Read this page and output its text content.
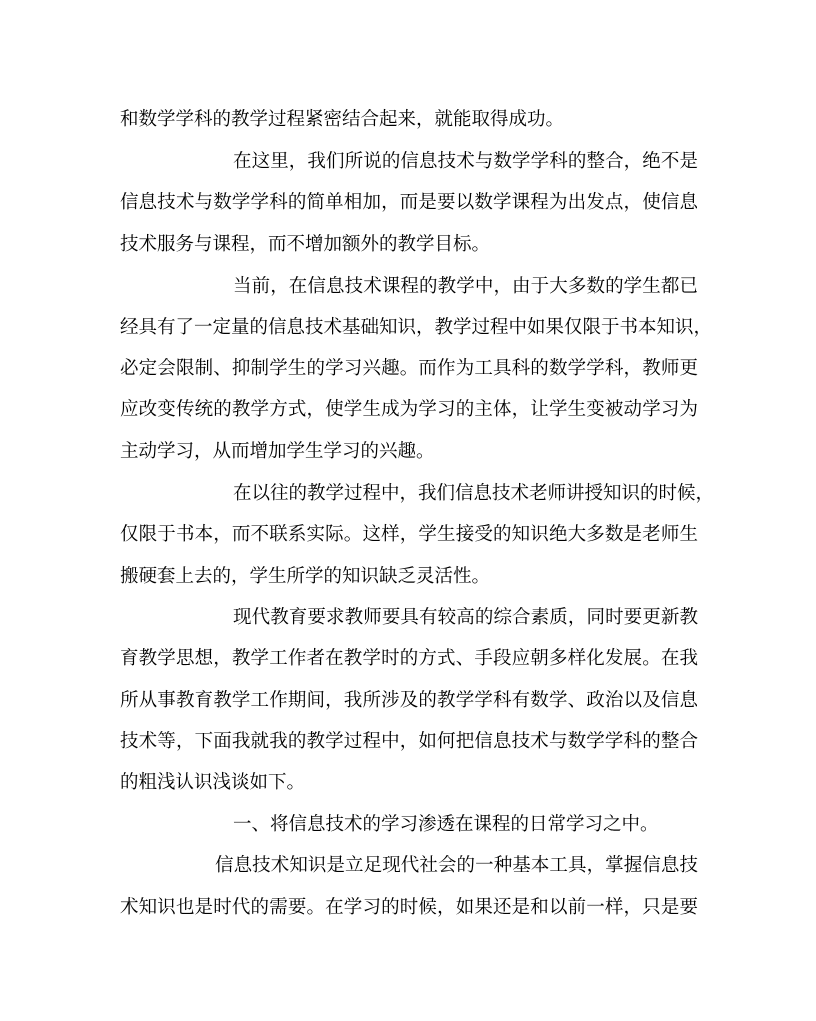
和数学学科的教学过程紧密结合起来，就能取得成功。
在这里，我们所说的信息技术与数学学科的整合，绝不是
信息技术与数学学科的简单相加，而是要以数学课程为出发点，使信息
技术服务与课程，而不增加额外的教学目标。
当前，在信息技术课程的教学中，由于大多数的学生都已
经具有了一定量的信息技术基础知识，教学过程中如果仅限于书本知识，
必定会限制、抑制学生的学习兴趣。而作为工具科的数学学科，教师更
应改变传统的教学方式，使学生成为学习的主体，让学生变被动学习为
主动学习，从而增加学生学习的兴趣。
在以往的教学过程中，我们信息技术老师讲授知识的时候，
仅限于书本，而不联系实际。这样，学生接受的知识绝大多数是老师生
搬硬套上去的，学生所学的知识缺乏灵活性。
现代教育要求教师要具有较高的综合素质，同时要更新教
育教学思想，教学工作者在教学时的方式、手段应朝多样化发展。在我
所从事教育教学工作期间，我所涉及的教学学科有数学、政治以及信息
技术等，下面我就我的教学过程中，如何把信息技术与数学学科的整合
的粗浅认识浅谈如下。
一、将信息技术的学习渗透在课程的日常学习之中。
信息技术知识是立足现代社会的一种基本工具，掌握信息技
术知识也是时代的需要。在学习的时候，如果还是和以前一样，只是要
